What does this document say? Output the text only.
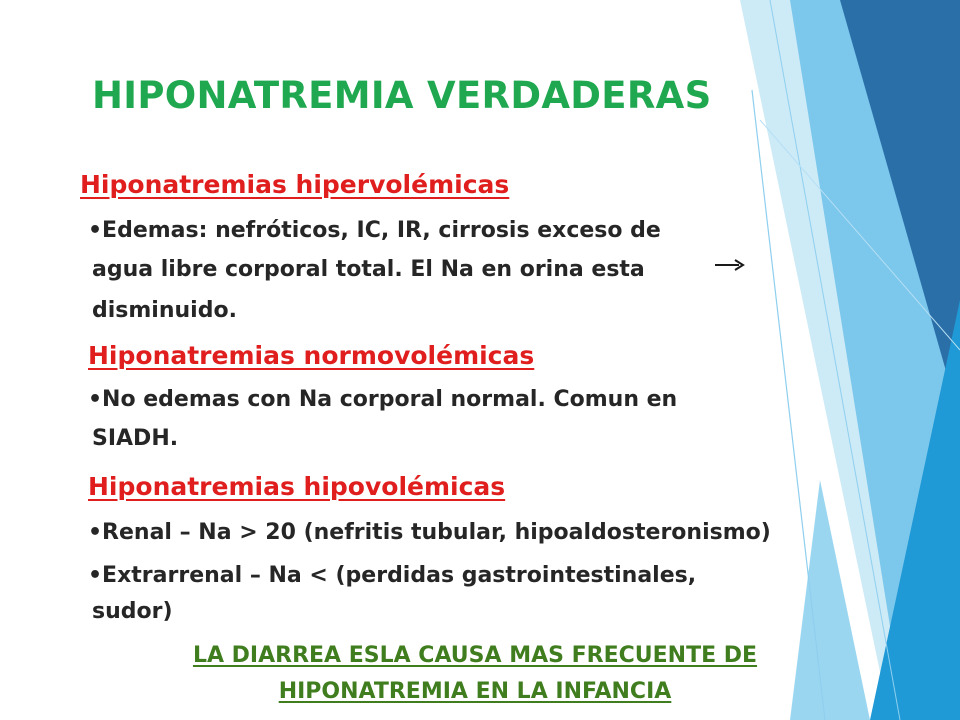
HIPONATREMIA VERDADERAS
Hiponatremias hipervolémicas

•Edemas: nefróticos, IC, IR, cirrosis exceso de

agua libre corporal total. El Na en orina esta

disminuido.

Hiponatremias normovolémicas

•No edemas con Na corporal normal. Comun en

SIADH.

Hiponatremias hipovolémicas

•Renal – Na > 20 (nefritis tubular, hipoaldosteronismo)

•Extrarrenal – Na < (perdidas gastrointestinales,

sudor)

LA DIARREA ESLA CAUSA MAS FRECUENTE DE

HIPONATREMIA EN LA INFANCIA
